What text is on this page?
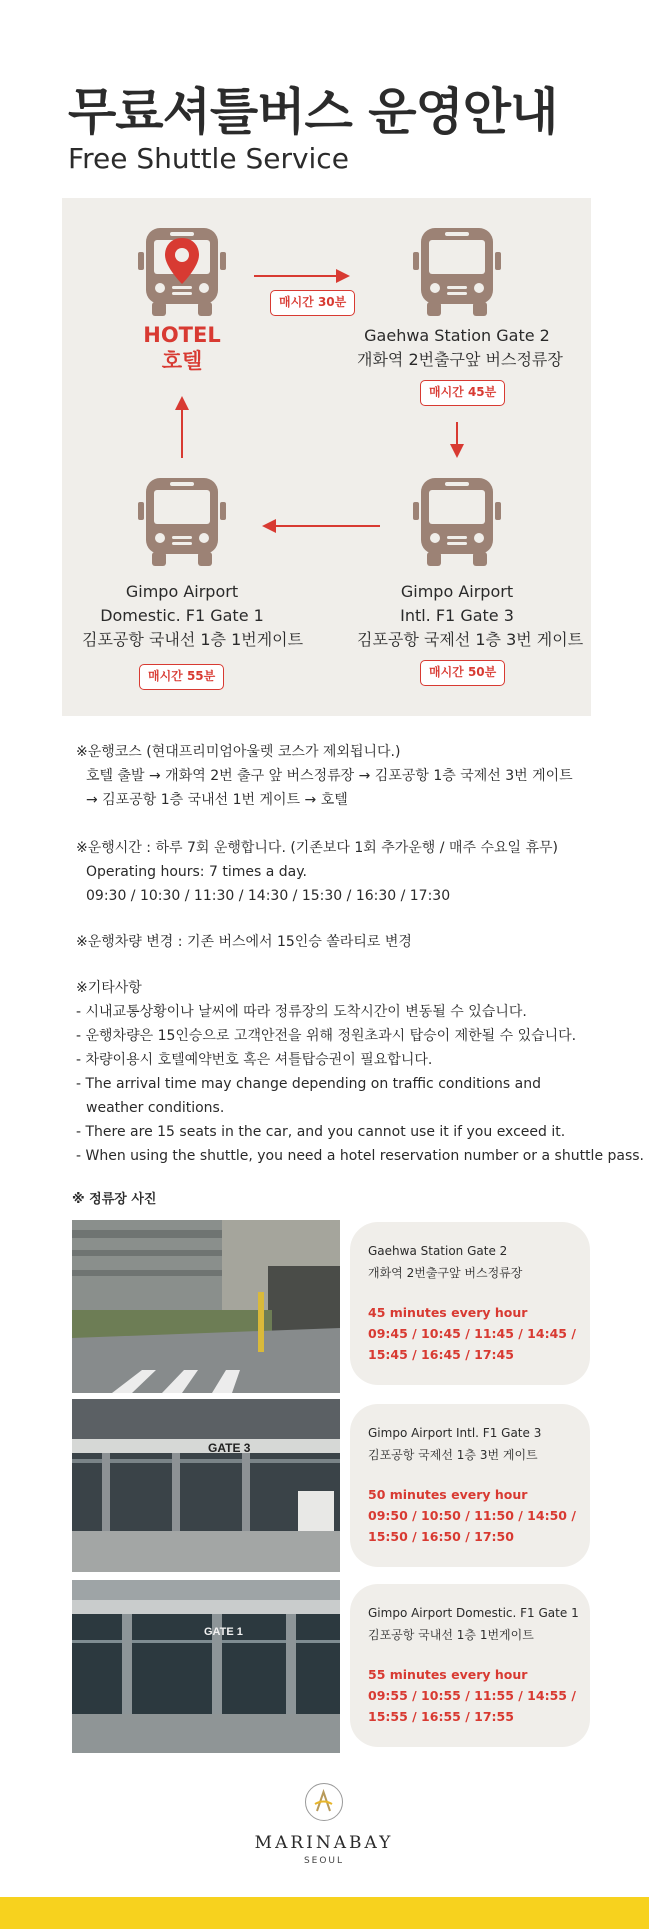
무료셔틀버스 운영안내
Free Shuttle Service
HOTEL
호텔
매시간 30분
Gaehwa Station Gate 2
개화역 2번출구앞 버스정류장
매시간 45분
Gimpo Airport
Intl. F1 Gate 3
김포공항 국제선 1층 3번 게이트
매시간 50분
Gimpo Airport
Domestic. F1 Gate 1
김포공항 국내선 1층 1번게이트
매시간 55분
※운행코스 (현대프리미엄아울렛 코스가 제외됩니다.)
호텔 출발 → 개화역 2번 출구 앞 버스정류장 → 김포공항 1층 국제선 3번 게이트
→ 김포공항 1층 국내선 1번 게이트 → 호텔
※운행시간 : 하루 7회 운행합니다. (기존보다 1회 추가운행 / 매주 수요일 휴무)
Operating hours: 7 times a day.
09:30 / 10:30 / 11:30 / 14:30 / 15:30 / 16:30 / 17:30
※운행차량 변경 : 기존 버스에서 15인승 쏠라티로 변경
※기타사항
- 시내교통상황이나 날씨에 따라 정류장의 도착시간이 변동될 수 있습니다.
- 운행차량은 15인승으로 고객안전을 위해 정원초과시 탑승이 제한될 수 있습니다.
- 차량이용시 호텔예약번호 혹은 셔틀탑승권이 필요합니다.
- The arrival time may change depending on traffic conditions and
weather conditions.
- There are 15 seats in the car, and you cannot use it if you exceed it.
- When using the shuttle, you need a hotel reservation number or a shuttle pass.
※ 정류장 사진
Gaehwa Station Gate 2
개화역 2번출구앞 버스정류장
45 minutes every hour
09:45 / 10:45 / 11:45 / 14:45 /
15:45 / 16:45 / 17:45
GATE 3
Gimpo Airport Intl. F1 Gate 3
김포공항 국제선 1층 3번 게이트
50 minutes every hour
09:50 / 10:50 / 11:50 / 14:50 /
15:50 / 16:50 / 17:50
GATE 1
Gimpo Airport Domestic. F1 Gate 1
김포공항 국내선 1층 1번게이트
55 minutes every hour
09:55 / 10:55 / 11:55 / 14:55 /
15:55 / 16:55 / 17:55
MARINABAY
SEOUL
